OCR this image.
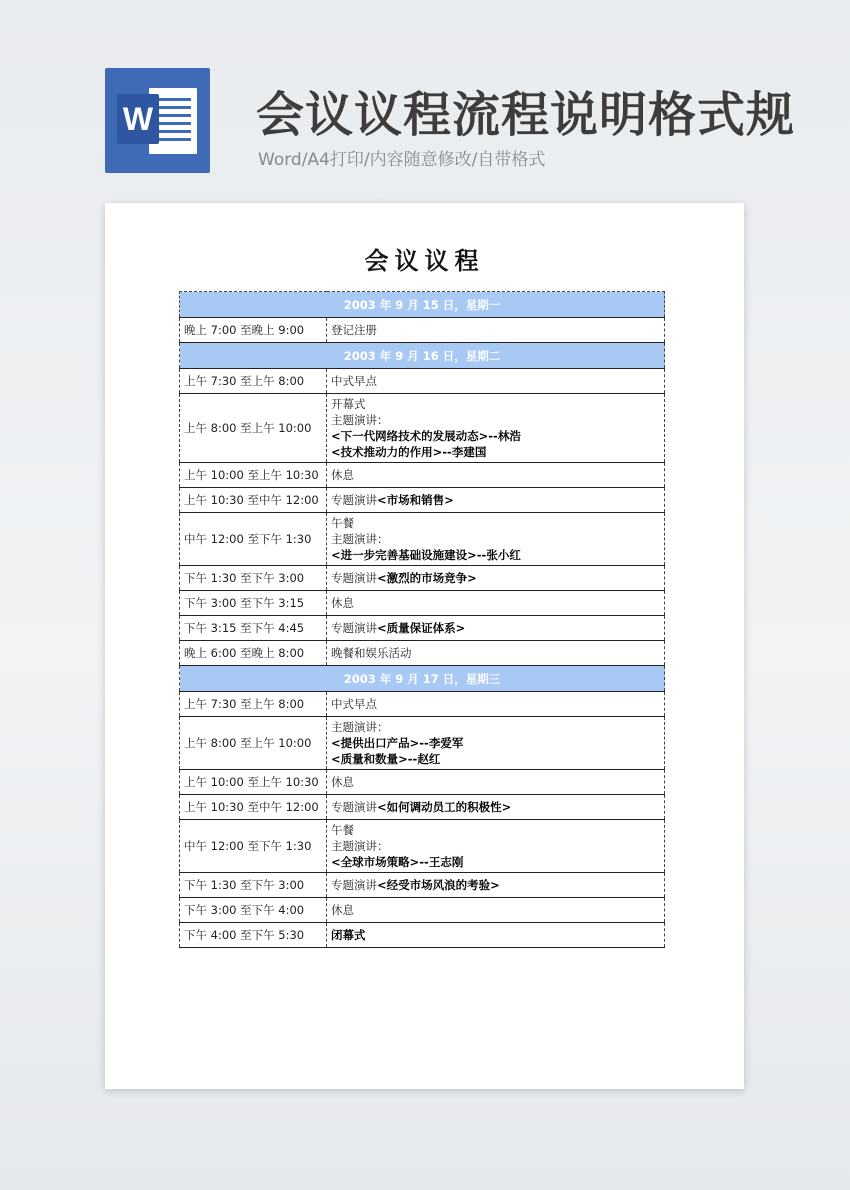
W 会议议程流程说明格式规
Word/A4打印/内容随意修改/自带格式
会议议程
2003 年 9 月 15 日，星期一	
晚上 7:00 至晚上 9:00	登记注册

2003 年 9 月 16 日，星期二	
上午 7:30 至上午 8:00	中式早点

上午 8:00 至上午 10:00	开幕式
主题演讲：
<下一代网络技术的发展动态>--林浩
<技术推动力的作用>--李建国

上午 10:00 至上午 10:30	休息

上午 10:30 至中午 12:00	专题演讲<市场和销售>

中午 12:00 至下午 1:30	午餐
主题演讲：
<进一步完善基础设施建设>--张小红

下午 1:30 至下午 3:00	专题演讲<激烈的市场竞争>

下午 3:00 至下午 3:15	休息

下午 3:15 至下午 4:45	专题演讲<质量保证体系>

晚上 6:00 至晚上 8:00	晚餐和娱乐活动

2003 年 9 月 17 日，星期三	
上午 7:30 至上午 8:00	中式早点

上午 8:00 至上午 10:00	主题演讲：
<提供出口产品>--李爱军
<质量和数量>--赵红

上午 10:00 至上午 10:30	休息

上午 10:30 至中午 12:00	专题演讲<如何调动员工的积极性>

中午 12:00 至下午 1:30	午餐
主题演讲：
<全球市场策略>--王志刚

下午 1:30 至下午 3:00	专题演讲<经受市场风浪的考验>

下午 3:00 至下午 4:00	休息

下午 4:00 至下午 5:30	闭幕式
